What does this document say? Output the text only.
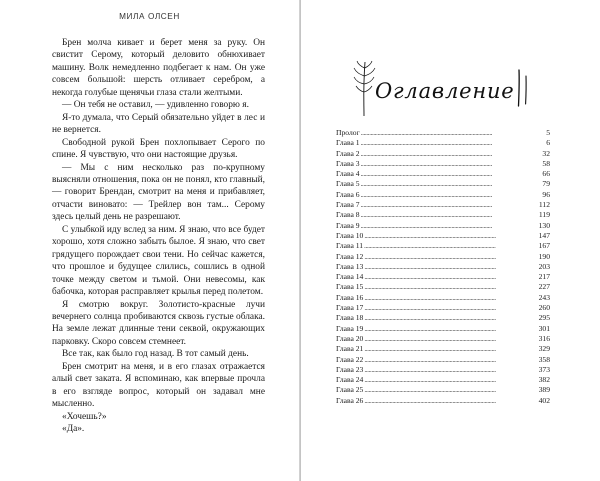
МИЛА ОЛСЕН

Брен молча кивает и берет меня за руку. Он свистит Серому, который деловито обнюхивает машину. Волк немедленно подбегает к нам. Он уже совсем большой: шерсть отливает серебром, а некогда голубые щенячьи глаза стали желтыми.

— Он тебя не оставил, — удивленно говорю я.

Я-то думала, что Серый обязательно уйдет в лес и не вернется.

Свободной рукой Брен похлопывает Серого по спине. Я чувствую, что они настоящие друзья.

— Мы с ним несколько раз по-крупному выясняли отношения, пока он не понял, кто главный, — говорит Брендан, смотрит на меня и прибавляет, отчасти виновато: — Трейлер вон там... Серому здесь целый день не разрешают.

С улыбкой иду вслед за ним. Я знаю, что все будет хорошо, хотя сложно забыть былое. Я знаю, что свет грядущего порождает свои тени. Но сейчас кажется, что прошлое и будущее слились, сошлись в одной точке между светом и тьмой. Они невесомы, как бабочка, которая расправляет крылья перед полетом.

Я смотрю вокруг. Золотисто-красные лучи вечернего солнца пробиваются сквозь густые облака. На земле лежат длинные тени секвой, окружающих парковку. Скоро совсем стемнеет.

Все так, как было год назад. В тот самый день.

Брен смотрит на меня, и в его глазах отражается алый свет заката. Я вспоминаю, как впервые прочла в его взгляде вопрос, который он задавал мне мысленно.

«Хочешь?»

«Да».

Оглавление
Пролог . . .	5
Глава 1 . . .	6
Глава 2 . . .	32
Глава 3 . . .	58
Глава 4 . . .	66
Глава 5 . . .	79
Глава 6 . . .	96
Глава 7 . . .	112
Глава 8 . . .	119
Глава 9 . . .	130
Глава 10 . . .	147
Глава 11 . . .	167
Глава 12 . . .	190
Глава 13 . . .	203
Глава 14 . . .	217
Глава 15 . . .	227
Глава 16 . . .	243
Глава 17 . . .	260
Глава 18 . . .	295
Глава 19 . . .	301
Глава 20 . . .	316
Глава 21 . . .	329
Глава 22 . . .	358
Глава 23 . . .	373
Глава 24 . . .	382
Глава 25 . . .	389
Глава 26 . . .	402
